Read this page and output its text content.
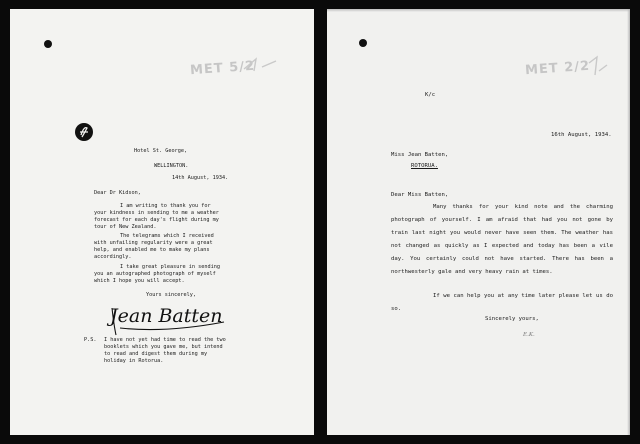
MET 5/2
Hotel St. George,
WELLINGTON.
14th August, 1934.
Dear Dr Kidson,
I am writing to thank you for your kindness in sending to me a weather forecast for each day's flight during my tour of New Zealand.
The telegrams which I received with unfailing regularity were a great help, and enabled me to make my plans accordingly.
I take great pleasure in sending you an autographed photograph of myself which I hope you will accept.
Yours sincerely,
Jean Batten
P.S. I have not yet had time to read the two booklets which you gave me, but intend to read and digest them during my holiday in Rotorua.
MET 2/2
K/c
16th August, 1934.
Miss Jean Batten,
ROTORUA.
Dear Miss Batten,
Many thanks for your kind note and the charming photograph of yourself. I am afraid that had you not gone by train last night you would never have seen them. The weather has not changed as quickly as I expected and today has been a vile day. You certainly could not have started. There has been a northwesterly gale and very heavy rain at times.
If we can help you at any time later please let us do so.
Sincerely yours,
E.K.
